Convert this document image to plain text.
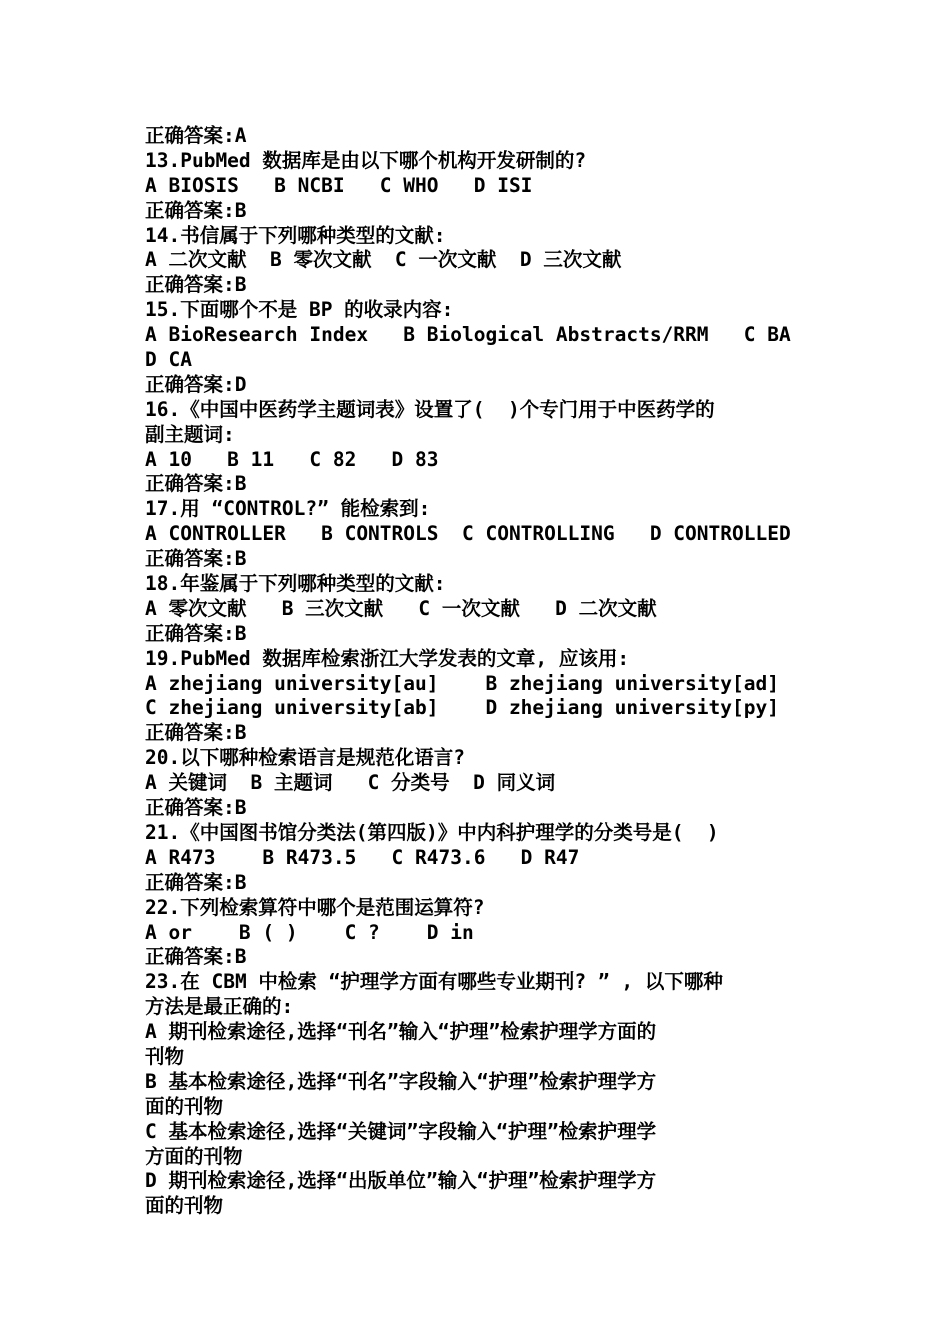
正确答案:A
13.PubMed 数据库是由以下哪个机构开发研制的?
A BIOSIS   B NCBI   C WHO   D ISI
正确答案:B
14.书信属于下列哪种类型的文献:
A 二次文献  B 零次文献  C 一次文献  D 三次文献
正确答案:B
15.下面哪个不是 BP 的收录内容:
A BioResearch Index   B Biological Abstracts/RRM   C BA
D CA
正确答案:D
16.《中国中医药学主题词表》设置了(  )个专门用于中医药学的
副主题词:
A 10   B 11   C 82   D 83
正确答案:B
17.用 “CONTROL?” 能检索到:
A CONTROLLER   B CONTROLS  C CONTROLLING   D CONTROLLED
正确答案:B
18.年鉴属于下列哪种类型的文献:
A 零次文献   B 三次文献   C 一次文献   D 二次文献
正确答案:B
19.PubMed 数据库检索浙江大学发表的文章, 应该用:
A zhejiang university[au]    B zhejiang university[ad]
C zhejiang university[ab]    D zhejiang university[py]
正确答案:B
20.以下哪种检索语言是规范化语言?
A 关键词  B 主题词   C 分类号  D 同义词
正确答案:B
21.《中国图书馆分类法(第四版)》中内科护理学的分类号是(  )
A R473    B R473.5   C R473.6   D R47
正确答案:B
22.下列检索算符中哪个是范围运算符?
A or    B ( )    C ?    D in
正确答案:B
23.在 CBM 中检索 “护理学方面有哪些专业期刊? ” , 以下哪种
方法是最正确的:
A 期刊检索途径,选择“刊名”输入“护理”检索护理学方面的
刊物
B 基本检索途径,选择“刊名”字段输入“护理”检索护理学方
面的刊物
C 基本检索途径,选择“关键词”字段输入“护理”检索护理学
方面的刊物
D 期刊检索途径,选择“出版单位”输入“护理”检索护理学方
面的刊物
